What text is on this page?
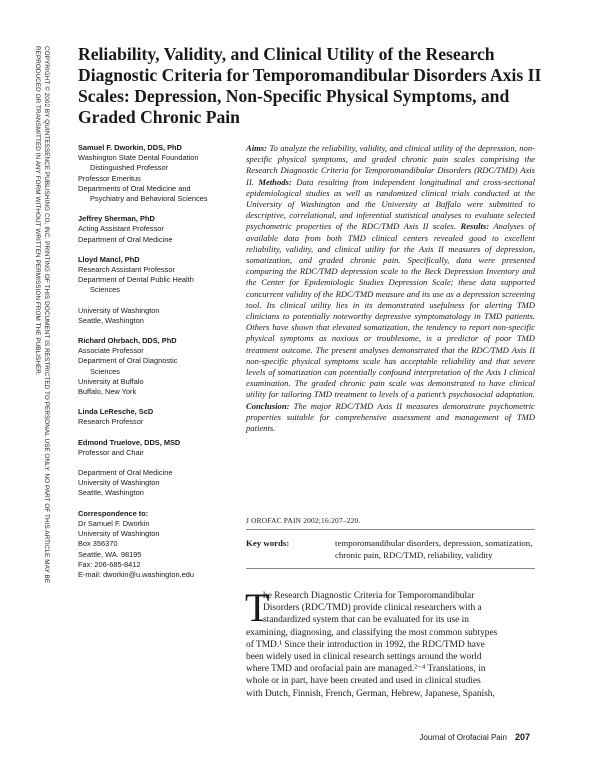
COPYRIGHT © 2002 BY QUINTESSENCE PUBLISHING CO, INC. PRINTING OF THIS DOCUMENT IS RESTRICTED TO PERSONAL USE ONLY. NO PART OF THIS ARTICLE MAY BE
REPRODUCED OR TRANSMITTED IN ANY FORM WITHOUT WRITTEN PERMISSION FROM THE PUBLISHER. Reliability, Validity, and Clinical Utility of the Research Diagnostic Criteria for Temporomandibular Disorders Axis II Scales: Depression, Non-Specific Physical Symptoms, and Graded Chronic Pain
Samuel F. Dworkin, DDS, PhD
Washington State Dental Foundation
Distinguished Professor
Professor Emeritus
Departments of Oral Medicine and
Psychiatry and Behavioral Sciences
Jeffrey Sherman, PhD
Acting Assistant Professor
Department of Oral Medicine
Lloyd Mancl, PhD
Research Assistant Professor
Department of Dental Public Health
Sciences
University of Washington
Seattle, Washington
Richard Ohrbach, DDS, PhD
Associate Professor
Department of Oral Diagnostic
Sciences
University at Buffalo
Buffalo, New York
Linda LeResche, ScD
Research Professor
Edmond Truelove, DDS, MSD
Professor and Chair
Department of Oral Medicine
University of Washington
Seattle, Washington
Correspondence to:
Dr Samuel F. Dworkin
University of Washington
Box 356370
Seattle, WA. 98195
Fax: 206-685-8412
E-mail: dworkin@u.washington.edu

Aims: To analyze the reliability, validity, and clinical utility of the depression, non-specific physical symptoms, and graded chronic pain scales comprising the Research Diagnostic Criteria for Temporomandibular Disorders (RDC/TMD) Axis II. Methods: Data resulting from independent longitudinal and cross-sectional epidemiological studies as well as randomized clinical trials conducted at the University of Washington and the University at Buffalo were submitted to descriptive, correlational, and inferential statistical analyses to evaluate selected psychometric properties of the RDC/TMD Axis II scales. Results: Analyses of available data from both TMD clinical centers revealed good to excellent reliability, validity, and clinical utility for the Axis II measures of depression, somatization, and graded chronic pain. Specifically, data were presented comparing the RDC/TMD depression scale to the Beck Depression Inventory and the Center for Epidemiologic Studies Depression Scale; these data supported concurrent validity of the RDC/TMD measure and its use as a depression screening tool. Its clinical utility lies in its demonstrated usefulness for alerting TMD clinicians to potentially noteworthy depressive symptomatology in TMD patients. Others have shown that elevated somatization, the tendency to report non-specific physical symptoms as noxious or troublesome, is a predictor of poor TMD treatment outcome. The present analyses demonstrated that the RDC/TMD Axis II non-specific physical symptoms scale has acceptable reliability and that severe levels of somatization can potentially confound interpretation of the Axis I clinical examination. The graded chronic pain scale was demonstrated to have clinical utility for tailoring TMD treatment to levels of a patient’s psychosocial adaptation. Conclusion: The major RDC/TMD Axis II measures demonstrate psychometric properties suitable for comprehensive assessment and management of TMD patients.

J OROFAC PAIN 2002;16:207–220.
Key words:	temporomandibular disorders, depression, somatization, chronic pain, RDC/TMD, reliability, validity
T
he Research Diagnostic Criteria for Temporomandibular
Disorders (RDC/TMD) provide clinical researchers with a
standardized system that can be evaluated for its use in
examining, diagnosing, and classifying the most common subtypes
of TMD.¹ Since their introduction in 1992, the RDC/TMD have
been widely used in clinical research settings around the world
where TMD and orofacial pain are managed.²⁻⁴ Translations, in
whole or in part, have been created and used in clinical studies
with Dutch, Finnish, French, German, Hebrew, Japanese, Spanish,
Journal of Orofacial Pain 207
